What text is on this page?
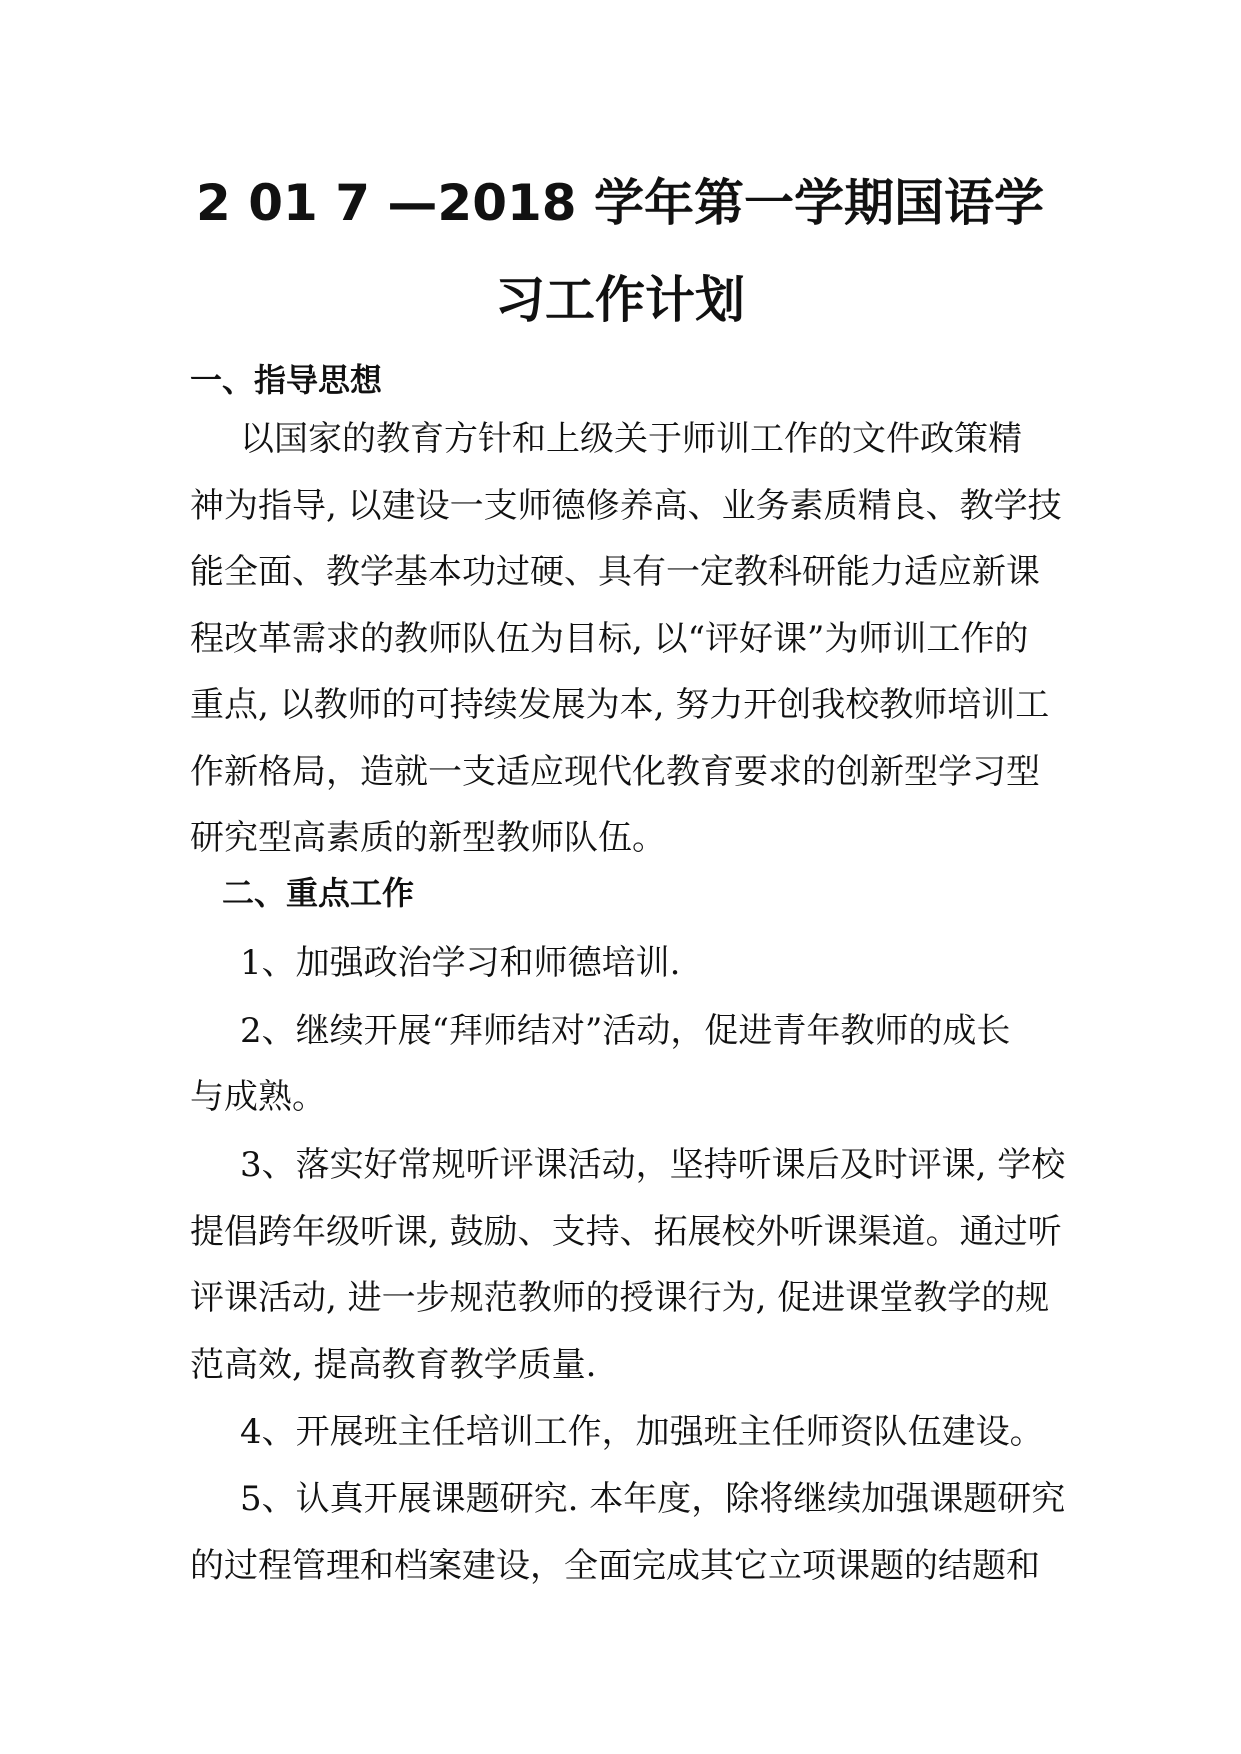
2 01 7 —2018 学年第一学期国语学
习工作计划
一、指导思想

以国家的教育方针和上级关于师训工作的文件政策精

神为指导, 以建设一支师德修养高、业务素质精良、教学技

能全面、教学基本功过硬、具有一定教科研能力适应新课

程改革需求的教师队伍为目标, 以“评好课”为师训工作的

重点, 以教师的可持续发展为本, 努力开创我校教师培训工

作新格局，造就一支适应现代化教育要求的创新型学习型

研究型高素质的新型教师队伍。

二、重点工作

1、加强政治学习和师德培训.

2、继续开展“拜师结对”活动，促进青年教师的成长

与成熟。

3、落实好常规听评课活动，坚持听课后及时评课, 学校

提倡跨年级听课, 鼓励、支持、拓展校外听课渠道。通过听

评课活动, 进一步规范教师的授课行为, 促进课堂教学的规

范高效, 提高教育教学质量.

4、开展班主任培训工作，加强班主任师资队伍建设。

5、认真开展课题研究. 本年度，除将继续加强课题研究

的过程管理和档案建设，全面完成其它立项课题的结题和
